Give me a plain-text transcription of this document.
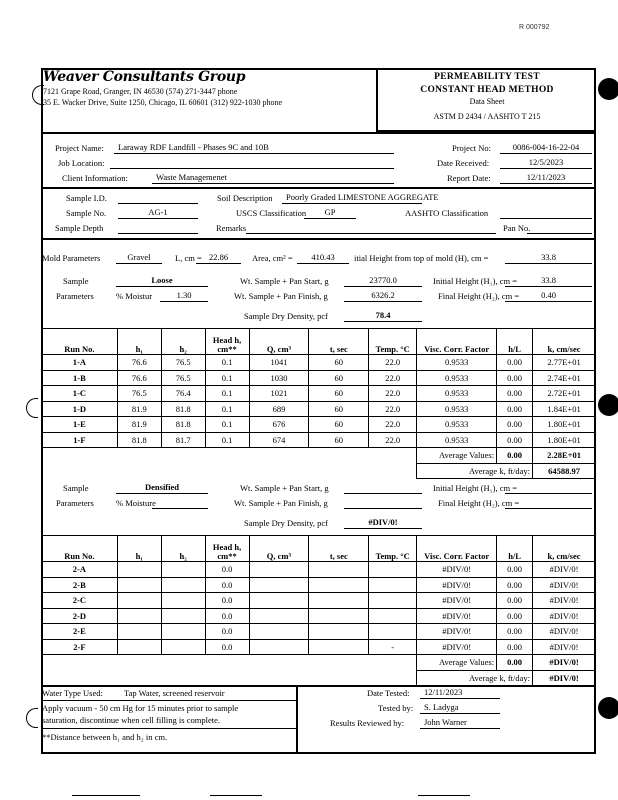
R 000792
Weaver Consultants Group
7121 Grape Road, Granger, IN 46530 (574) 271-3447 phone
35 E. Wacker Drive, Suite 1250, Chicago, IL 60601 (312) 922-1030 phone
PERMEABILITY TEST
CONSTANT HEAD METHOD
Data Sheet
ASTM D 2434 / AASHTO T 215
Project Name:	Laraway RDF Landfill - Phases 9C and 10B
Job Location:
Client Information:	Waste Managemenet
Project No:	0086-004-16-22-04
Date Received:	12/5/2023
Report Date:	12/11/2023
Sample I.D.
Sample No.	AG-1
Sample Depth
Soil Description	Poorly Graded LIMESTONE AGGREGATE
USCS Classification	GP	AASHTO Classification
Remarks	Pan No.
Mold Parameters	Gravel	L, cm = 22.86	Area, cm² =	410.43	itial Height from top of mold (H), cm =	33.8
Sample
Parameters
Loose
% Moistur	1.30
Wt. Sample + Pan Start, g	23770.0
Wt. Sample + Pan Finish, g	6326.2
Initial Height (H₁), cm =	33.8
Final Height (H₂), cm =	0.40
Sample Dry Density, pcf	78.4
Run No.	h₁	h₂	Head h, cm**	Q, cm³	t, sec	Temp. °C	Visc. Corr. Factor	h/L	k, cm/sec
1-A	76.6	76.5	0.1	1041	60	22.0	0.9533	0.00	2.77E+01
1-B	76.6	76.5	0.1	1030	60	22.0	0.9533	0.00	2.74E+01
1-C	76.5	76.4	0.1	1021	60	22.0	0.9533	0.00	2.72E+01
1-D	81.9	81.8	0.1	689	60	22.0	0.9533	0.00	1.84E+01
1-E	81.9	81.8	0.1	676	60	22.0	0.9533	0.00	1.80E+01
1-F	81.8	81.7	0.1	674	60	22.0	0.9533	0.00	1.80E+01
							Average Values:	0.00	2.28E+01
							Average k, ft/day:		64588.97
Sample
Parameters
Densified
% Moisture
Wt. Sample + Pan Start, g
Wt. Sample + Pan Finish, g
Initial Height (H₁), cm =
Final Height (H₂), cm =
Sample Dry Density, pcf	#DIV/0!
Run No.	h₁	h₂	Head h, cm**	Q, cm³	t, sec	Temp. °C	Visc. Corr. Factor	h/L	k, cm/sec
2-A			0.0				#DIV/0!	0.00	#DIV/0!
2-B			0.0				#DIV/0!	0.00	#DIV/0!
2-C			0.0				#DIV/0!	0.00	#DIV/0!
2-D			0.0				#DIV/0!	0.00	#DIV/0!
2-E			0.0				#DIV/0!	0.00	#DIV/0!
2-F			0.0			-	#DIV/0!	0.00	#DIV/0!
							Average Values:	0.00	#DIV/0!
							Average k, ft/day:		#DIV/0!
Water Type Used: Tap Water, screened reservoir
Apply vacuum - 50 cm Hg for 15 minutes prior to sample
saturation, discontinue when cell filling is complete.
**Distance between h₁ and h₂ in cm.
Date Tested:	12/11/2023
Tested by:	S. Ladyga
Results Reviewed by:	John Warner
